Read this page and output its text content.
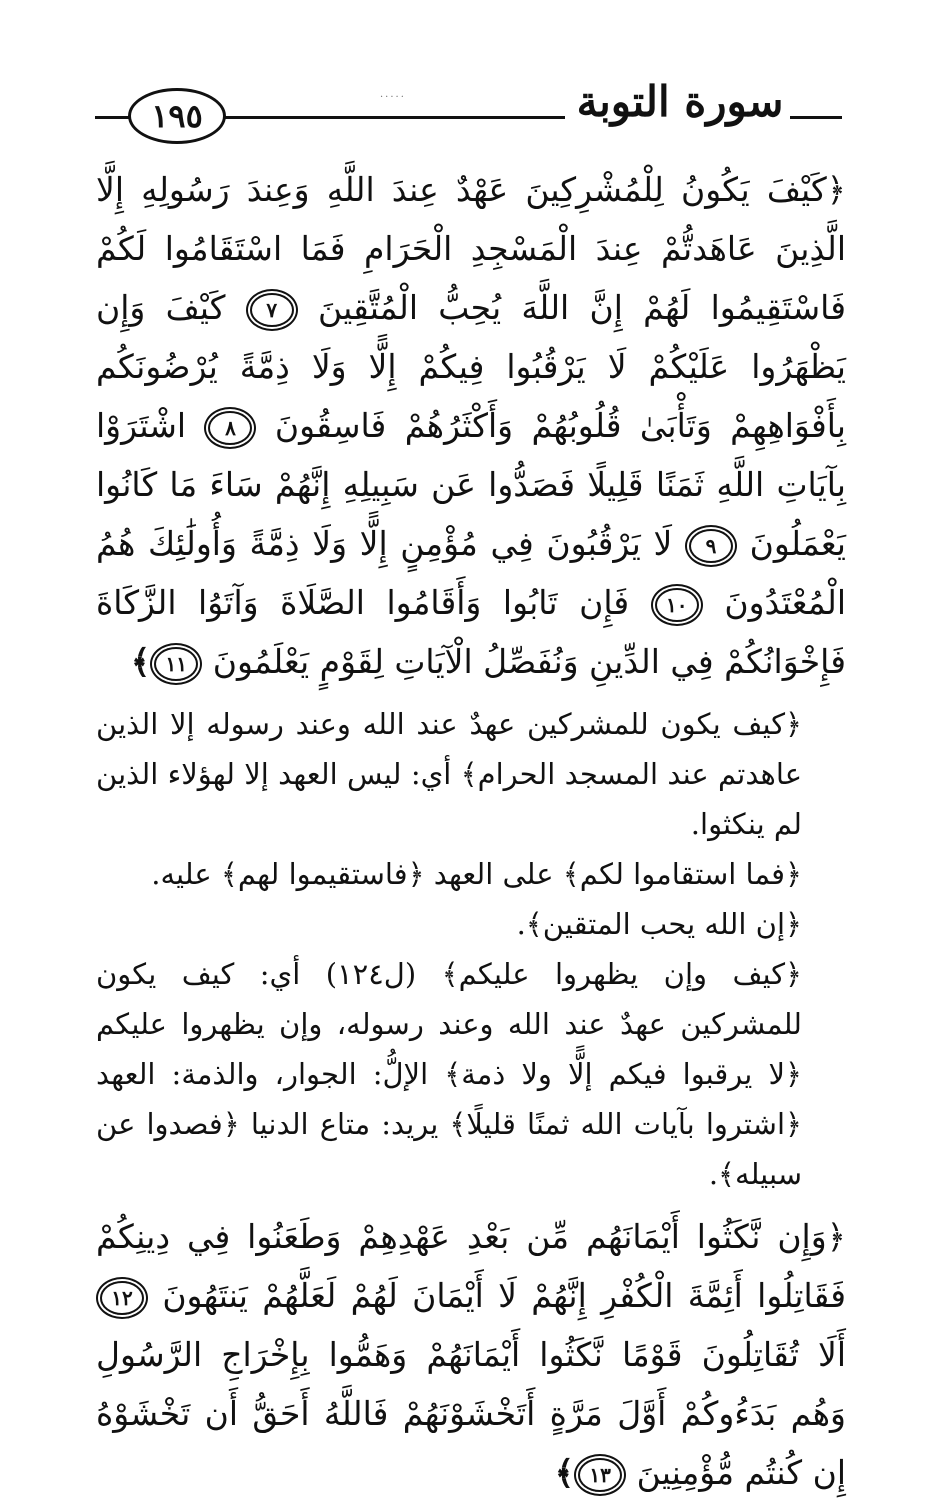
·····	سورة التوبة
١٩٥

﴿كَيْفَ يَكُونُ لِلْمُشْرِكِينَ عَهْدٌ عِندَ اللَّهِ وَعِندَ رَسُولِهِ إِلَّا الَّذِينَ عَاهَدتُّمْ عِندَ الْمَسْجِدِ الْحَرَامِ فَمَا اسْتَقَامُوا لَكُمْ فَاسْتَقِيمُوا لَهُمْ إِنَّ اللَّهَ يُحِبُّ الْمُتَّقِينَ ٧ كَيْفَ وَإِن يَظْهَرُوا عَلَيْكُمْ لَا يَرْقُبُوا فِيكُمْ إِلًّا وَلَا ذِمَّةً يُرْضُونَكُم بِأَفْوَاهِهِمْ وَتَأْبَىٰ قُلُوبُهُمْ وَأَكْثَرُهُمْ فَاسِقُونَ ٨ اشْتَرَوْا بِآيَاتِ اللَّهِ ثَمَنًا قَلِيلًا فَصَدُّوا عَن سَبِيلِهِ إِنَّهُمْ سَاءَ مَا كَانُوا يَعْمَلُونَ ٩ لَا يَرْقُبُونَ فِي مُؤْمِنٍ إِلًّا وَلَا ذِمَّةً وَأُولَٰئِكَ هُمُ الْمُعْتَدُونَ ١٠ فَإِن تَابُوا وَأَقَامُوا الصَّلَاةَ وَآتَوُا الزَّكَاةَ فَإِخْوَانُكُمْ فِي الدِّينِ وَنُفَصِّلُ الْآيَاتِ لِقَوْمٍ يَعْلَمُونَ ١١﴾

﴿كيف يكون للمشركين عهدٌ عند الله وعند رسوله إلا الذين عاهدتم عند المسجد الحرام﴾ أي: ليس العهد إلا لهؤلاء الذين لم ينكثوا.

﴿فما استقاموا لكم﴾ على العهد ﴿فاستقيموا لهم﴾ عليه.

﴿إن الله يحب المتقين﴾.

﴿كيف وإن يظهروا عليكم﴾ (ل١٢٤) أي: كيف يكون للمشركين عهدٌ عند الله وعند رسوله، وإن يظهروا عليكم ﴿لا يرقبوا فيكم إلًّا ولا ذمة﴾ الإلُّ: الجوار، والذمة: العهد ﴿اشتروا بآيات الله ثمنًا قليلًا﴾ يريد: متاع الدنيا ﴿فصدوا عن سبيله﴾.

﴿وَإِن نَّكَثُوا أَيْمَانَهُم مِّن بَعْدِ عَهْدِهِمْ وَطَعَنُوا فِي دِينِكُمْ فَقَاتِلُوا أَئِمَّةَ الْكُفْرِ إِنَّهُمْ لَا أَيْمَانَ لَهُمْ لَعَلَّهُمْ يَنتَهُونَ ١٢ أَلَا تُقَاتِلُونَ قَوْمًا نَّكَثُوا أَيْمَانَهُمْ وَهَمُّوا بِإِخْرَاجِ الرَّسُولِ وَهُم بَدَءُوكُمْ أَوَّلَ مَرَّةٍ أَتَخْشَوْنَهُمْ فَاللَّهُ أَحَقُّ أَن تَخْشَوْهُ إِن كُنتُم مُّؤْمِنِينَ ١٣﴾
